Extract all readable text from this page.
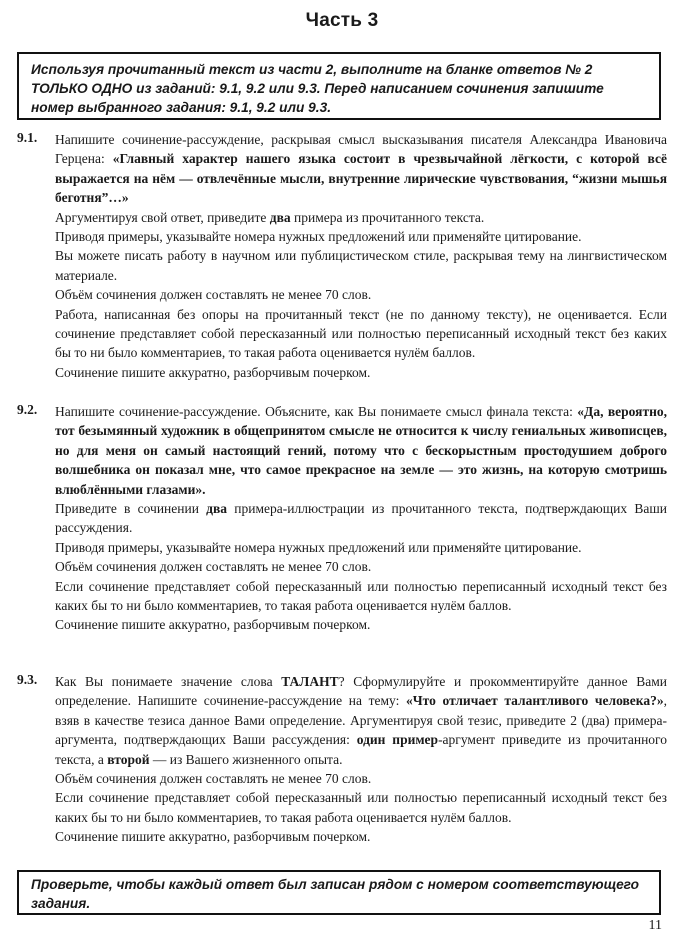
Часть 3
Используя прочитанный текст из части 2, выполните на бланке ответов № 2 ТОЛЬКО ОДНО из заданий: 9.1, 9.2 или 9.3. Перед написанием сочинения запишите номер выбранного задания: 9.1, 9.2 или 9.3.
9.1. Напишите сочинение-рассуждение, раскрывая смысл высказывания писателя Александра Ивановича Герцена: «Главный характер нашего языка состоит в чрезвычайной лёгкости, с которой всё выражается на нём — отвлечённые мысли, внутренние лирические чувствования, “жизни мышья беготня”…»

Аргументируя свой ответ, приведите два примера из прочитанного текста.

Приводя примеры, указывайте номера нужных предложений или применяйте цитирование.

Вы можете писать работу в научном или публицистическом стиле, раскрывая тему на лингвистическом материале.

Объём сочинения должен составлять не менее 70 слов.

Работа, написанная без опоры на прочитанный текст (не по данному тексту), не оценивается. Если сочинение представляет собой пересказанный или полностью переписанный исходный текст без каких бы то ни было комментариев, то такая работа оценивается нулём баллов.

Сочинение пишите аккуратно, разборчивым почерком.

9.2. Напишите сочинение-рассуждение. Объясните, как Вы понимаете смысл финала текста: «Да, вероятно, тот безымянный художник в общепринятом смысле не относится к числу гениальных живописцев, но для меня он самый настоящий гений, потому что с бескорыстным простодушием доброго волшебника он показал мне, что самое прекрасное на земле — это жизнь, на которую смотришь влюблёнными глазами».

Приведите в сочинении два примера-иллюстрации из прочитанного текста, подтверждающих Ваши рассуждения.

Приводя примеры, указывайте номера нужных предложений или применяйте цитирование.

Объём сочинения должен составлять не менее 70 слов.

Если сочинение представляет собой пересказанный или полностью переписанный исходный текст без каких бы то ни было комментариев, то такая работа оценивается нулём баллов.

Сочинение пишите аккуратно, разборчивым почерком.

9.3. Как Вы понимаете значение слова ТАЛАНТ? Сформулируйте и прокомментируйте данное Вами определение. Напишите сочинение-рассуждение на тему: «Что отличает талантливого человека?», взяв в качестве тезиса данное Вами определение. Аргументируя свой тезис, приведите 2 (два) примера-аргумента, подтверждающих Ваши рассуждения: один пример-аргумент приведите из прочитанного текста, а второй — из Вашего жизненного опыта.

Объём сочинения должен составлять не менее 70 слов.

Если сочинение представляет собой пересказанный или полностью переписанный исходный текст без каких бы то ни было комментариев, то такая работа оценивается нулём баллов.

Сочинение пишите аккуратно, разборчивым почерком.

Проверьте, чтобы каждый ответ был записан рядом с номером соответствующего задания.
11
